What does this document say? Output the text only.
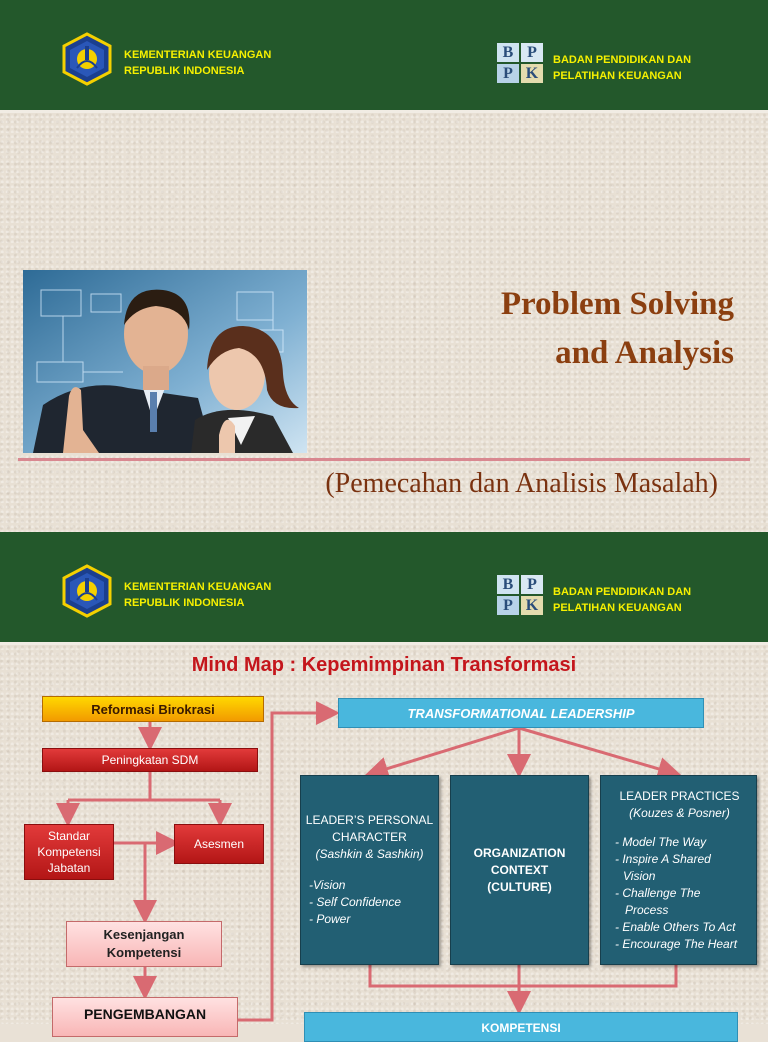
KEMENTERIAN KEUANGAN
REPUBLIK INDONESIA
B P
P K
BADAN PENDIDIKAN DAN
PELATIHAN KEUANGAN
Problem Solving
and Analysis
(Pemecahan dan Analisis Masalah)
KEMENTERIAN KEUANGAN
REPUBLIK INDONESIA
B P
P K
BADAN PENDIDIKAN DAN
PELATIHAN KEUANGAN
Mind Map : Kepemimpinan Transformasi
Reformasi Birokrasi
Peningkatan SDM
Standar
Kompetensi
Jabatan
Asesmen
Kesenjangan
Kompetensi
PENGEMBANGAN
TRANSFORMATIONAL LEADERSHIP
LEADER’S PERSONAL
CHARACTER
(Sashkin & Sashkin)
-Vision
- Self Confidence
- Power
ORGANIZATION
CONTEXT
(CULTURE)
LEADER PRACTICES
(Kouzes & Posner)
- Model The Way
- Inspire A Shared
Vision
- Challenge The
Process
- Enable Others To Act
- Encourage The Heart
KOMPETENSI
